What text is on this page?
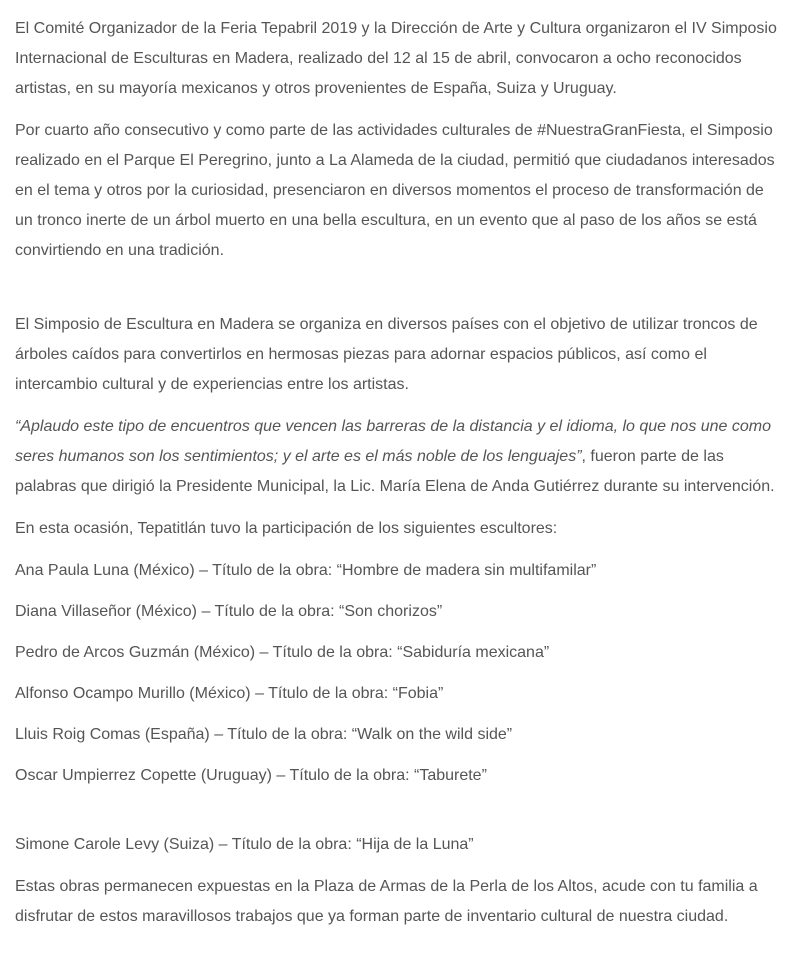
El Comité Organizador de la Feria Tepabril 2019 y la Dirección de Arte y Cultura organizaron el IV Simposio Internacional de Esculturas en Madera, realizado del 12 al 15 de abril, convocaron a ocho reconocidos artistas, en su mayoría mexicanos y otros provenientes de España, Suiza y Uruguay.

Por cuarto año consecutivo y como parte de las actividades culturales de #NuestraGranFiesta, el Simposio realizado en el Parque El Peregrino, junto a La Alameda de la ciudad, permitió que ciudadanos interesados en el tema y otros por la curiosidad, presenciaron en diversos momentos el proceso de transformación de un tronco inerte de un árbol muerto en una bella escultura, en un evento que al paso de los años se está convirtiendo en una tradición.

El Simposio de Escultura en Madera se organiza en diversos países con el objetivo de utilizar troncos de árboles caídos para convertirlos en hermosas piezas para adornar espacios públicos, así como el intercambio cultural y de experiencias entre los artistas.

“Aplaudo este tipo de encuentros que vencen las barreras de la distancia y el idioma, lo que nos une como seres humanos son los sentimientos; y el arte es el más noble de los lenguajes”, fueron parte de las palabras que dirigió la Presidente Municipal, la Lic. María Elena de Anda Gutiérrez durante su intervención.

En esta ocasión, Tepatitlán tuvo la participación de los siguientes escultores:

Ana Paula Luna (México) – Título de la obra: “Hombre de madera sin multifamilar”

Diana Villaseñor (México) – Título de la obra: “Son chorizos”

Pedro de Arcos Guzmán (México) – Título de la obra: “Sabiduría mexicana”

Alfonso Ocampo Murillo (México) – Título de la obra: “Fobia”

Lluis Roig Comas (España) – Título de la obra: “Walk on the wild side”

Oscar Umpierrez Copette (Uruguay) – Título de la obra: “Taburete”

Simone Carole Levy (Suiza) – Título de la obra: “Hija de la Luna”

Estas obras permanecen expuestas en la Plaza de Armas de la Perla de los Altos, acude con tu familia a disfrutar de estos maravillosos trabajos que ya forman parte de inventario cultural de nuestra ciudad.
